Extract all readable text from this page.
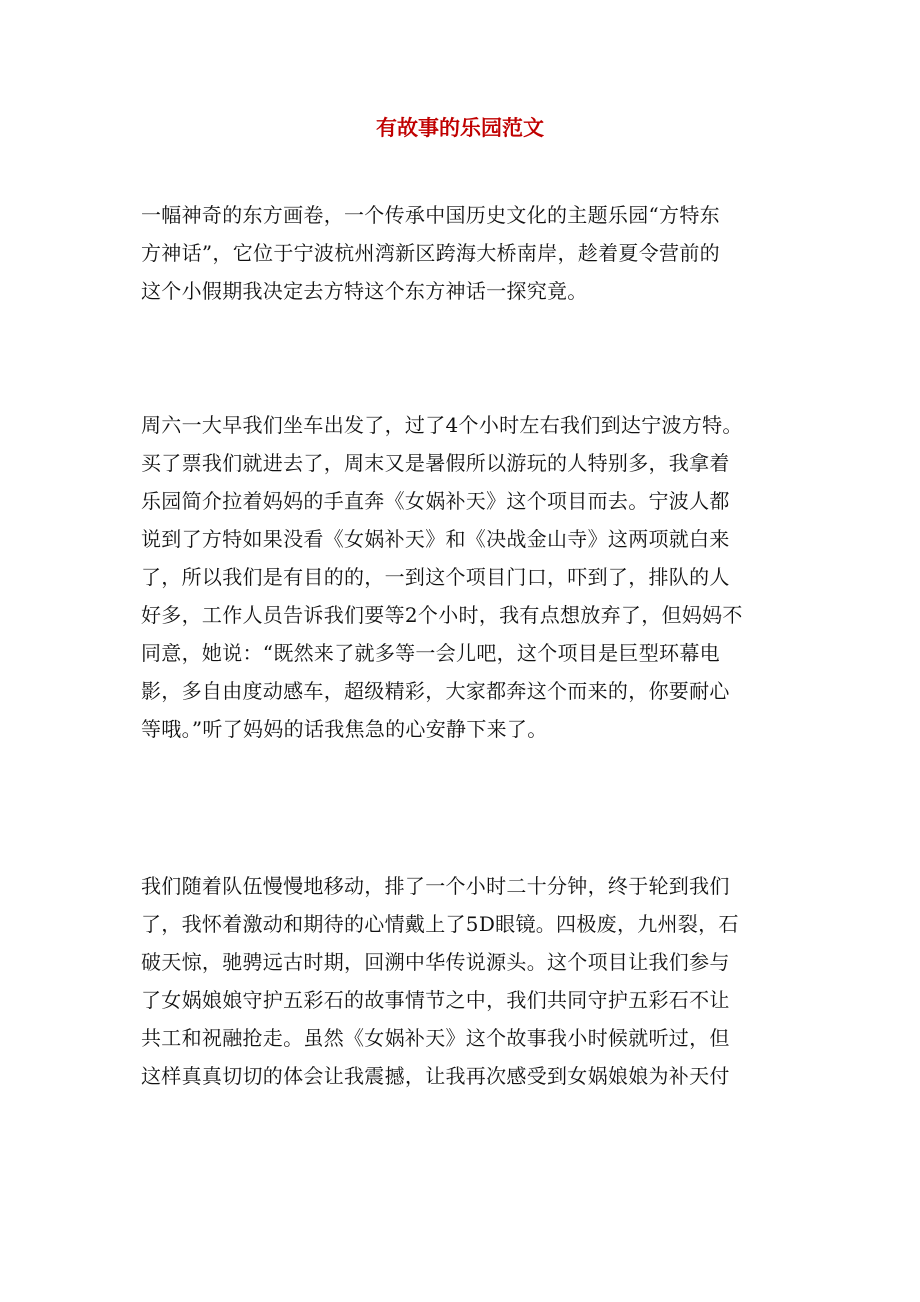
有故事的乐园范文

一幅神奇的东方画卷，一个传承中国历史文化的主题乐园“方特东
方神话”，它位于宁波杭州湾新区跨海大桥南岸，趁着夏令营前的
这个小假期我决定去方特这个东方神话一探究竟。

周六一大早我们坐车出发了，过了4个小时左右我们到达宁波方特。
买了票我们就进去了，周末又是暑假所以游玩的人特别多，我拿着
乐园简介拉着妈妈的手直奔《女娲补天》这个项目而去。宁波人都
说到了方特如果没看《女娲补天》和《决战金山寺》这两项就白来
了，所以我们是有目的的，一到这个项目门口，吓到了，排队的人
好多，工作人员告诉我们要等2个小时，我有点想放弃了，但妈妈不
同意，她说：“既然来了就多等一会儿吧，这个项目是巨型环幕电
影，多自由度动感车，超级精彩，大家都奔这个而来的，你要耐心
等哦。”听了妈妈的话我焦急的心安静下来了。

我们随着队伍慢慢地移动，排了一个小时二十分钟，终于轮到我们
了，我怀着激动和期待的心情戴上了5D眼镜。四极废，九州裂，石
破天惊，驰骋远古时期，回溯中华传说源头。这个项目让我们参与
了女娲娘娘守护五彩石的故事情节之中，我们共同守护五彩石不让
共工和祝融抢走。虽然《女娲补天》这个故事我小时候就听过，但
这样真真切切的体会让我震撼，让我再次感受到女娲娘娘为补天付
